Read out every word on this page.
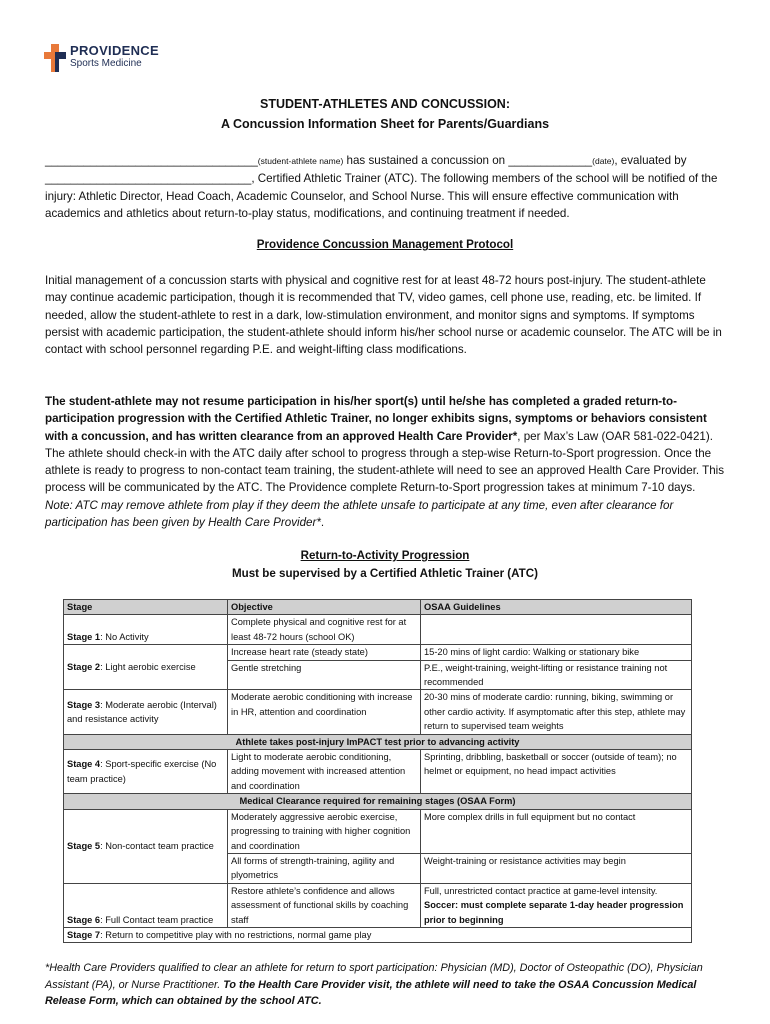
PROVIDENCE
Sports Medicine
STUDENT-ATHLETES AND CONCUSSION:
A Concussion Information Sheet for Parents/Guardians
_________________________________(student-athlete name) has sustained a concussion on _____________(date), evaluated by ________________________________, Certified Athletic Trainer (ATC). The following members of the school will be notified of the injury: Athletic Director, Head Coach, Academic Counselor, and School Nurse. This will ensure effective communication with academics and athletics about return-to-play status, modifications, and continuing treatment if needed.
Providence Concussion Management Protocol
Initial management of a concussion starts with physical and cognitive rest for at least 48-72 hours post-injury. The student-athlete may continue academic participation, though it is recommended that TV, video games, cell phone use, reading, etc. be limited. If needed, allow the student-athlete to rest in a dark, low-stimulation environment, and monitor signs and symptoms. If symptoms persist with academic participation, the student-athlete should inform his/her school nurse or academic counselor. The ATC will be in contact with school personnel regarding P.E. and weight-lifting class modifications.
The student-athlete may not resume participation in his/her sport(s) until he/she has completed a graded return-to-participation progression with the Certified Athletic Trainer, no longer exhibits signs, symptoms or behaviors consistent with a concussion, and has written clearance from an approved Health Care Provider*, per Max’s Law (OAR 581-022-0421). The athlete should check-in with the ATC daily after school to progress through a step-wise Return-to-Sport progression. Once the athlete is ready to progress to non-contact team training, the student-athlete will need to see an approved Health Care Provider. This process will be communicated by the ATC. The Providence complete Return-to-Sport progression takes at minimum 7-10 days. Note: ATC may remove athlete from play if they deem the athlete unsafe to participate at any time, even after clearance for participation has been given by Health Care Provider*.
Return-to-Activity Progression
Must be supervised by a Certified Athletic Trainer (ATC)
Stage	Objective	OSAA Guidelines
Stage 1: No Activity	Complete physical and cognitive rest for at least 48-72 hours (school OK)	
Stage 2: Light aerobic exercise	Increase heart rate (steady state)	15-20 mins of light cardio: Walking or stationary bike
	Gentle stretching	P.E., weight-training, weight-lifting or resistance training not recommended
Stage 3: Moderate aerobic (Interval) and resistance activity	Moderate aerobic conditioning with increase in HR, attention and coordination	20-30 mins of moderate cardio: running, biking, swimming or other cardio activity. If asymptomatic after this step, athlete may return to supervised team weights
Athlete takes post-injury ImPACT test prior to advancing activity		
Stage 4: Sport-specific exercise (No team practice)	Light to moderate aerobic conditioning, adding movement with increased attention and coordination	Sprinting, dribbling, basketball or soccer (outside of team); no helmet or equipment, no head impact activities
Medical Clearance required for remaining stages (OSAA Form)		
Stage 5: Non-contact team practice	Moderately aggressive aerobic exercise, progressing to training with higher cognition and coordination	More complex drills in full equipment but no contact
	All forms of strength-training, agility and plyometrics	Weight-training or resistance activities may begin
Stage 6: Full Contact team practice	Restore athlete’s confidence and allows assessment of functional skills by coaching staff	Full, unrestricted contact practice at game-level intensity. Soccer: must complete separate 1-day header progression prior to beginning
Stage 7: Return to competitive play with no restrictions, normal game play		
*Health Care Providers qualified to clear an athlete for return to sport participation: Physician (MD), Doctor of Osteopathic (DO), Physician Assistant (PA), or Nurse Practitioner. To the Health Care Provider visit, the athlete will need to take the OSAA Concussion Medical Release Form, which can obtained by the school ATC.
